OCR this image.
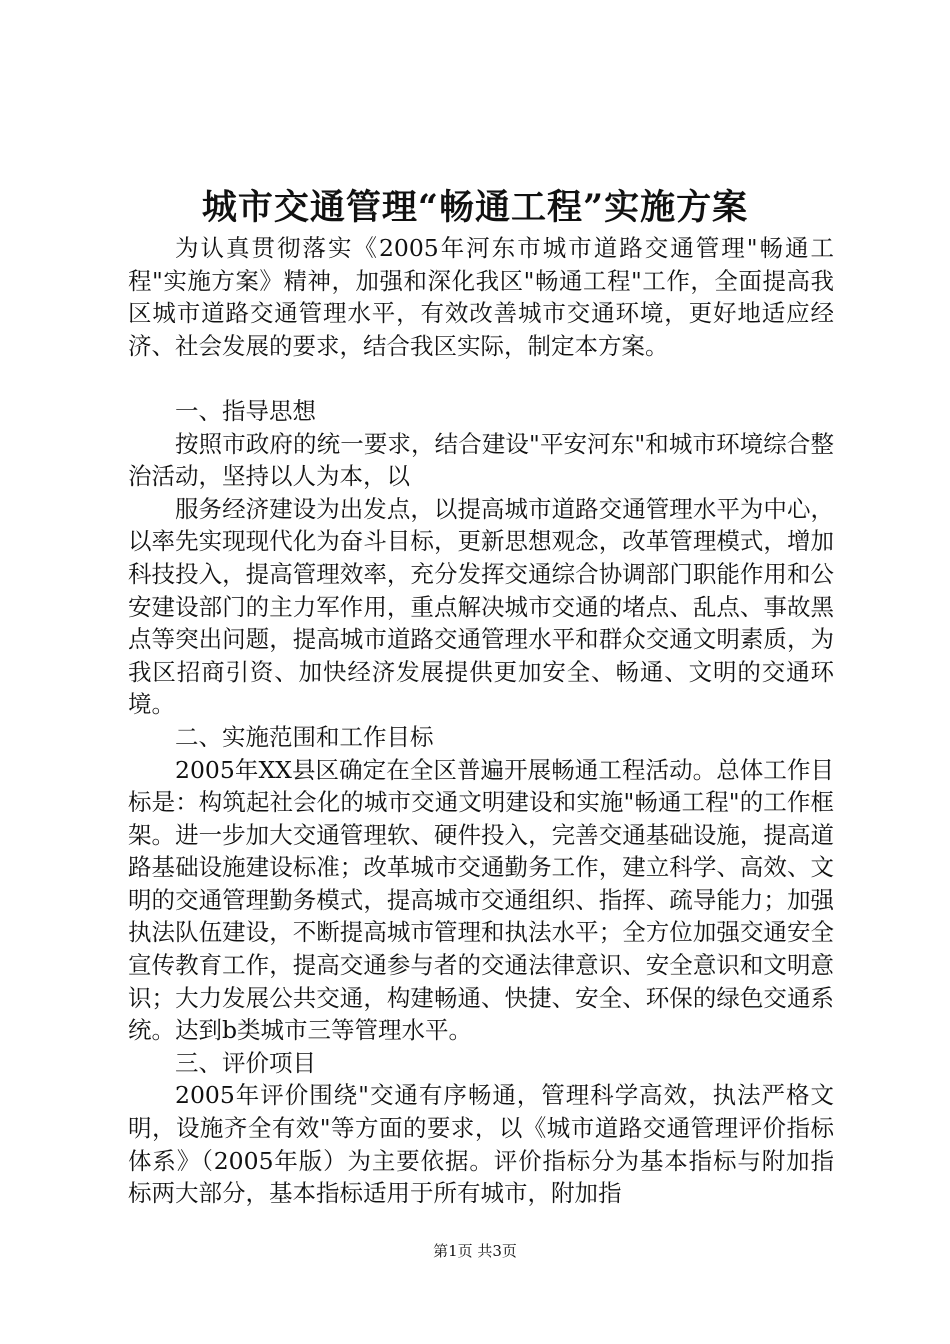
城市交通管理“畅通工程”实施方案

为认真贯彻落实《2005年河东市城市道路交通管理"畅通工程"实施方案》精神，加强和深化我区"畅通工程"工作，全面提高我区城市道路交通管理水平，有效改善城市交通环境，更好地适应经济、社会发展的要求，结合我区实际，制定本方案。

一、指导思想

按照市政府的统一要求，结合建设"平安河东"和城市环境综合整治活动，坚持以人为本，以

服务经济建设为出发点，以提高城市道路交通管理水平为中心，以率先实现现代化为奋斗目标，更新思想观念，改革管理模式，增加科技投入，提高管理效率，充分发挥交通综合协调部门职能作用和公安建设部门的主力军作用，重点解决城市交通的堵点、乱点、事故黑点等突出问题，提高城市道路交通管理水平和群众交通文明素质，为我区招商引资、加快经济发展提供更加安全、畅通、文明的交通环境。

二、实施范围和工作目标

2005年XX县区确定在全区普遍开展畅通工程活动。总体工作目标是：构筑起社会化的城市交通文明建设和实施"畅通工程"的工作框架。进一步加大交通管理软、硬件投入，完善交通基础设施，提高道路基础设施建设标准；改革城市交通勤务工作，建立科学、高效、文明的交通管理勤务模式，提高城市交通组织、指挥、疏导能力；加强执法队伍建设，不断提高城市管理和执法水平；全方位加强交通安全宣传教育工作，提高交通参与者的交通法律意识、安全意识和文明意识；大力发展公共交通，构建畅通、快捷、安全、环保的绿色交通系统。达到b类城市三等管理水平。

三、评价项目

2005年评价围绕"交通有序畅通，管理科学高效，执法严格文明，设施齐全有效"等方面的要求，以《城市道路交通管理评价指标体系》（2005年版）为主要依据。评价指标分为基本指标与附加指标两大部分，基本指标适用于所有城市，附加指

第1页 共3页
